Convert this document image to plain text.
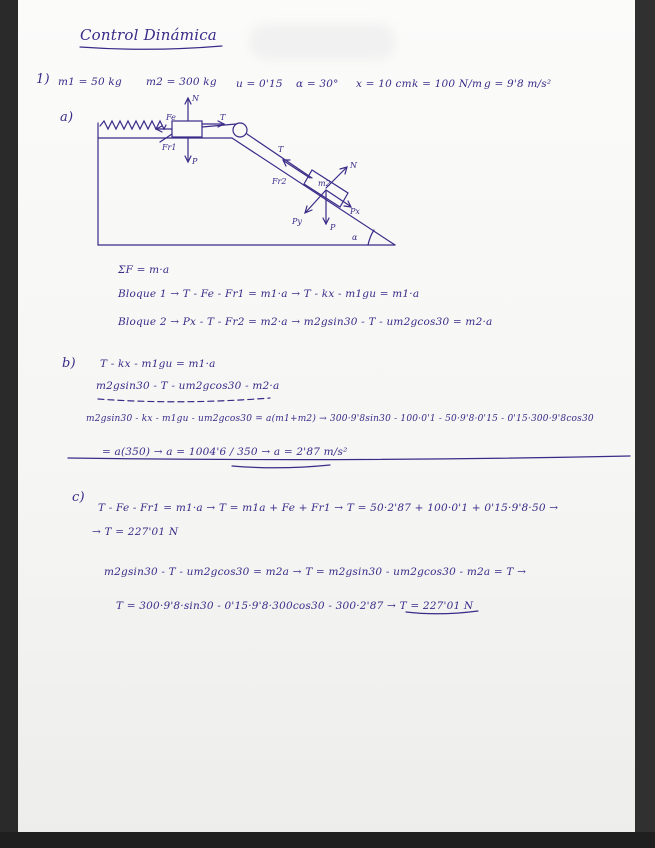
Control Dinámica
1) m1 = 50 kg m2 = 300 kg u = 0'15 α = 30° x = 10 cm k = 100 N/m g = 9'8 m/s²
a)
N
Fe
Fr1
T
P
T
N
m2
Fr2
Px
Py
P
α
ΣF = m·a
Bloque 1 → T - Fe - Fr1 = m1·a → T - kx - m1gu = m1·a
Bloque 2 → Px - T - Fr2 = m2·a → m2gsin30 - T - um2gcos30 = m2·a
b) T - kx - m1gu = m1·a
m2gsin30 - T - um2gcos30 - m2·a
m2gsin30 - kx - m1gu - um2gcos30 = a(m1+m2) → 300·9'8sin30 - 100·0'1 - 50·9'8·0'15 - 0'15·300·9'8cos30
= a(350) → a = 1004'6 / 350 → a = 2'87 m/s²
c)
T - Fe - Fr1 = m1·a → T = m1a + Fe + Fr1 → T = 50·2'87 + 100·0'1 + 0'15·9'8·50 →
→ T = 227'01 N
m2gsin30 - T - um2gcos30 = m2a → T = m2gsin30 - um2gcos30 - m2a = T →
T = 300·9'8·sin30 - 0'15·9'8·300cos30 - 300·2'87 → T = 227'01 N
